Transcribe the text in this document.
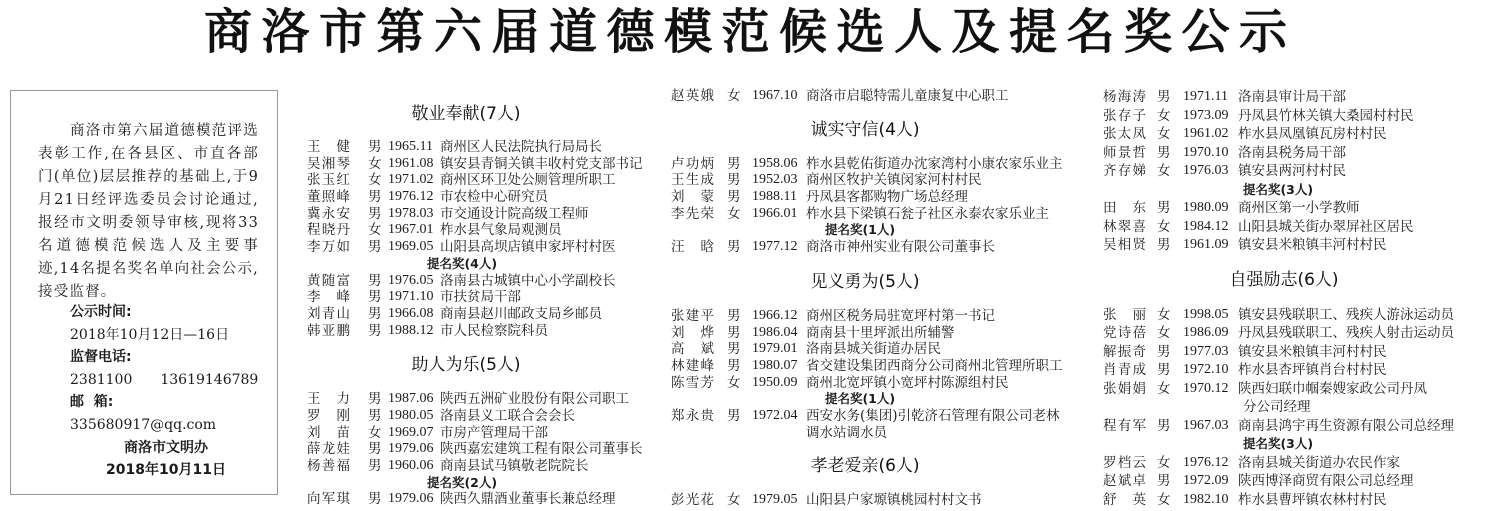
商洛市第六届道德模范候选人及提名奖公示

商洛市第六届道德模范评选表彰工作,在各县区、市直各部门(单位)层层推荐的基础上,于9月21日经评选委员会讨论通过,报经市文明委领导审核,现将33名道德模范候选人及主要事迹,14名提名奖名单向社会公示,接受监督。

公示时间:
2018年10月12日—16日
监督电话:
2381100 13619146789
邮  箱:
335680917@qq.com
商洛市文明办
2018年10月11日
敬业奉献(7人)
王 健 男 1965.11 商州区人民法院执行局局长
吴湘琴 女 1961.08 镇安县青铜关镇丰收村党支部书记
张玉红 女 1971.02 商州区环卫处公厕管理所职工
董照峰 男 1976.12 市农检中心研究员
冀永安 男 1978.03 市交通设计院高级工程师
程晓丹 女 1967.01 柞水县气象局观测员
李万如 男 1969.05 山阳县高坝店镇申家坪村村医
提名奖(4人)
黄随富 男 1976.05 洛南县古城镇中心小学副校长
李 峰 男 1971.10 市扶贫局干部
刘青山 男 1966.08 商南县赵川邮政支局乡邮员
韩亚鹏 男 1988.12 市人民检察院科员
助人为乐(5人)
王 力 男 1987.06 陕西五洲矿业股份有限公司职工
罗 刚 男 1980.05 洛南县义工联合会会长
刘 苗 女 1969.07 市房产管理局干部
薛龙娃 男 1979.06 陕西嘉宏建筑工程有限公司董事长
杨善福 男 1960.06 商南县试马镇敬老院院长
提名奖(2人)
向军琪 男 1979.06 陕西久鼎酒业董事长兼总经理
赵英娥 女 1967.10 商洛市启聪特需儿童康复中心职工
诚实守信(4人)
卢功炳 男 1958.06 柞水县乾佑街道办沈家湾村小康农家乐业主
王生成 男 1952.03 商州区牧护关镇闵家河村村民
刘 蒙 男 1988.11 丹凤县客都购物广场总经理
李先荣 女 1966.01 柞水县下梁镇石瓮子社区永泰农家乐业主
提名奖(1人)
汪 晗 男 1977.12 商洛市神州实业有限公司董事长
见义勇为(5人)
张建平 男 1966.12 商州区税务局驻宽坪村第一书记
刘 烨 男 1986.04 商南县十里坪派出所辅警
高 斌 男 1979.01 洛南县城关街道办居民
林建峰 男 1980.07 省交建设集团西商分公司商州北管理所职工
陈雪芳 女 1950.09 商州北宽坪镇小宽坪村陈源组村民
提名奖(1人)
郑永贵 男 1972.04 西安水务(集团)引乾济石管理有限公司老林
调水站调水员
孝老爱亲(6人)
彭光花 女 1979.05 山阳县户家塬镇桃园村村文书
杨海涛 男 1971.11 洛南县审计局干部
张存子 女 1973.09 丹凤县竹林关镇大桑园村村民
张太凤 女 1961.02 柞水县凤凰镇瓦房村村民
师景哲 男 1970.10 洛南县税务局干部
齐存娣 女 1976.03 镇安县两河村村民
提名奖(3人)
田 东 男 1980.09 商州区第一小学教师
林翠喜 女 1984.12 山阳县城关街办翠屏社区居民
吴相贤 男 1961.09 镇安县米粮镇丰河村村民
自强励志(6人)
张 丽 女 1998.05 镇安县残联职工、残疾人游泳运动员
党诗蓓 女 1986.09 丹凤县残联职工、残疾人射击运动员
解振奇 男 1977.03 镇安县米粮镇丰河村村民
肖青成 男 1972.10 柞水县杏坪镇肖台村村民
张娟娟 女 1970.12 陕西妇联巾帼秦嫂家政公司丹凤
分公司经理
程有军 男 1967.03 商南县鸿宇再生资源有限公司总经理
提名奖(3人)
罗档云 女 1976.12 洛南县城关街道办农民作家
赵斌卓 男 1972.09 陕西博泽商贸有限公司总经理
舒 英 女 1982.10 柞水县曹坪镇农林村村民
